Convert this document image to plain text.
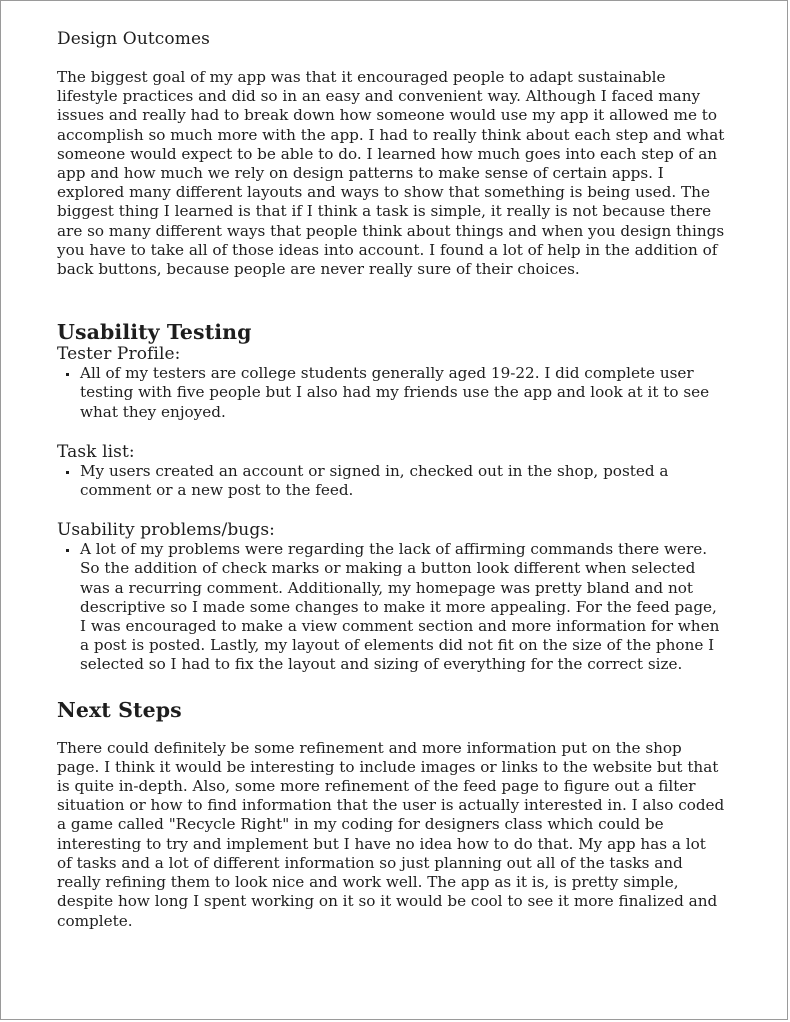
Design Outcomes

The biggest goal of my app was that it encouraged people to adapt sustainable lifestyle practices and did so in an easy and convenient way. Although I faced many issues and really had to break down how someone would use my app it allowed me to accomplish so much more with the app. I had to really think about each step and what someone would expect to be able to do. I learned how much goes into each step of an app and how much we rely on design patterns to make sense of certain apps. I explored many different layouts and ways to show that something is being used. The biggest thing I learned is that if I think a task is simple, it really is not because there are so many different ways that people think about things and when you design things you have to take all of those ideas into account. I found a lot of help in the addition of back buttons, because people are never really sure of their choices.

Usability Testing
Tester Profile:
All of my testers are college students generally aged 19-22. I did complete user testing with five people but I also had my friends use the app and look at it to see what they enjoyed.
Task list:
My users created an account or signed in, checked out in the shop, posted a comment or a new post to the feed.
Usability problems/bugs:
A lot of my problems were regarding the lack of affirming commands there were. So the addition of check marks or making a button look different when selected was a recurring comment. Additionally, my homepage was pretty bland and not descriptive so I made some changes to make it more appealing. For the feed page, I was encouraged to make a view comment section and more information for when a post is posted. Lastly, my layout of elements did not fit on the size of the phone I selected so I had to fix the layout and sizing of everything for the correct size.
Next Steps

There could definitely be some refinement and more information put on the shop page. I think it would be interesting to include images or links to the website but that is quite in-depth. Also, some more refinement of the feed page to figure out a filter situation or how to find information that the user is actually interested in. I also coded a game called "Recycle Right" in my coding for designers class which could be interesting to try and implement but I have no idea how to do that. My app has a lot of tasks and a lot of different information so just planning out all of the tasks and really refining them to look nice and work well. The app as it is, is pretty simple, despite how long I spent working on it so it would be cool to see it more finalized and complete.
